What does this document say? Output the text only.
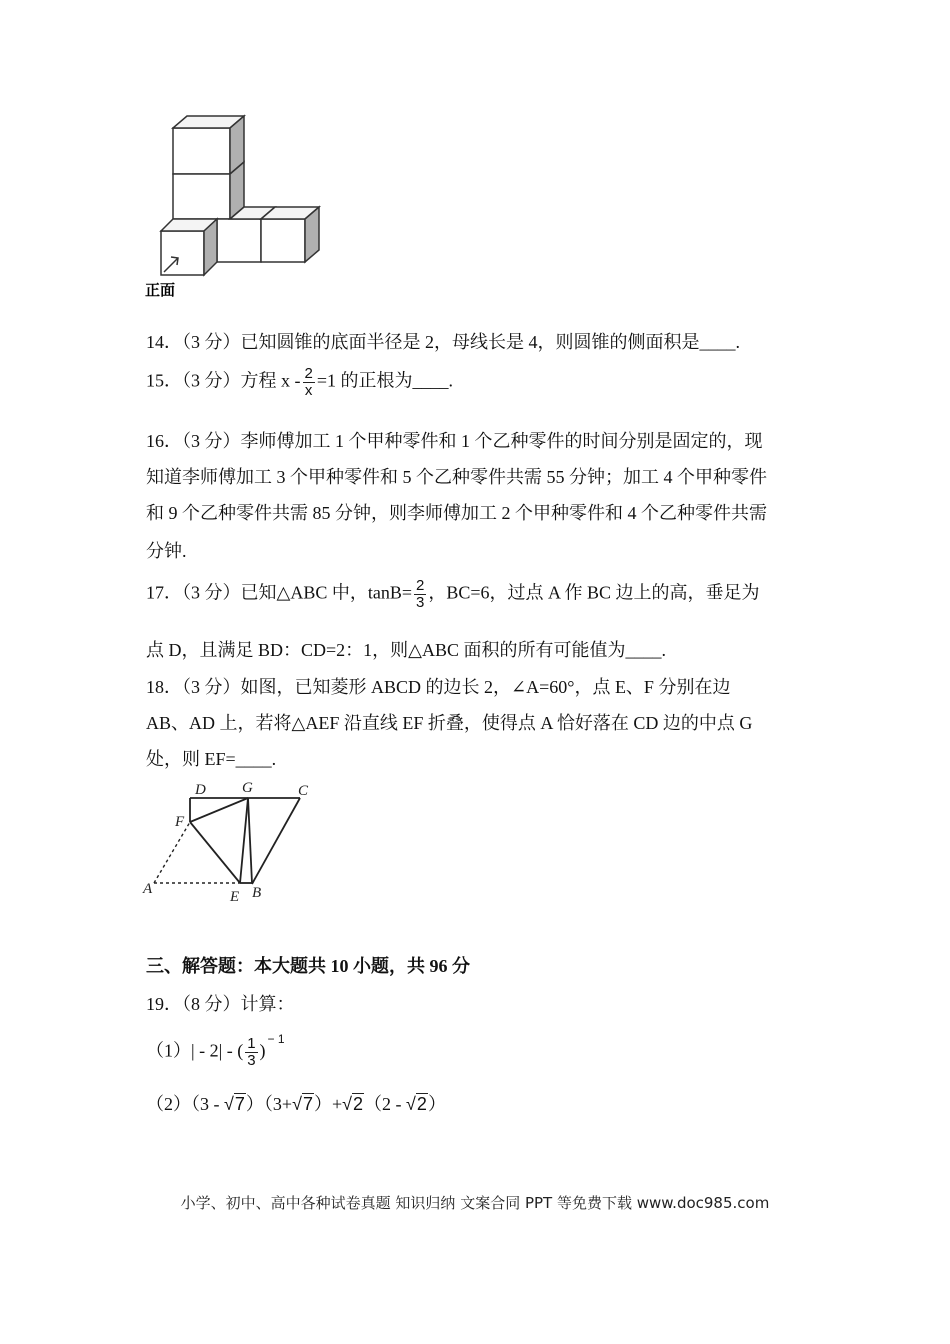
正面
14．（3 分）已知圆锥的底面半径是 2，母线长是 4，则圆锥的侧面积是____.
15．（3 分）方程 x ‐ $\frac{2}{x} =1$ 的正根为____.
16．（3 分）李师傅加工 1 个甲种零件和 1 个乙种零件的时间分别是固定的，现
知道李师傅加工 3 个甲种零件和 5 个乙种零件共需 55 分钟；加工 4 个甲种零件
和 9 个乙种零件共需 85 分钟，则李师傅加工 2 个甲种零件和 4 个乙种零件共需
分钟.
17．（3 分）已知△ABC 中，$\tan B= \frac{2}{3}$ ，BC=6，过点 A 作 BC 边上的高，垂足为
点 D，且满足 BD：CD=2：1，则△ABC 面积的所有可能值为____.
18．（3 分）如图，已知菱形 ABCD 的边长 2，∠A=60°，点 E、F 分别在边
AB、AD 上，若将△AEF 沿直线 EF 折叠，使得点 A 恰好落在 CD 边的中点 G
处，则 EF=____.
D G	C
F
A	E B
三、解答题：本大题共 10 小题，共 96 分
19．（8 分）计算：
（1）| ‐ 2| ‐ ( $\frac{1}{3} )^{- 1}$
（2）（3 ‐ √7）（3+√7）+√2（2 ‐ √2）
小学、初中、高中各种试卷真题 知识归纳 文案合同 PPT 等免费下载 www.doc985.com
